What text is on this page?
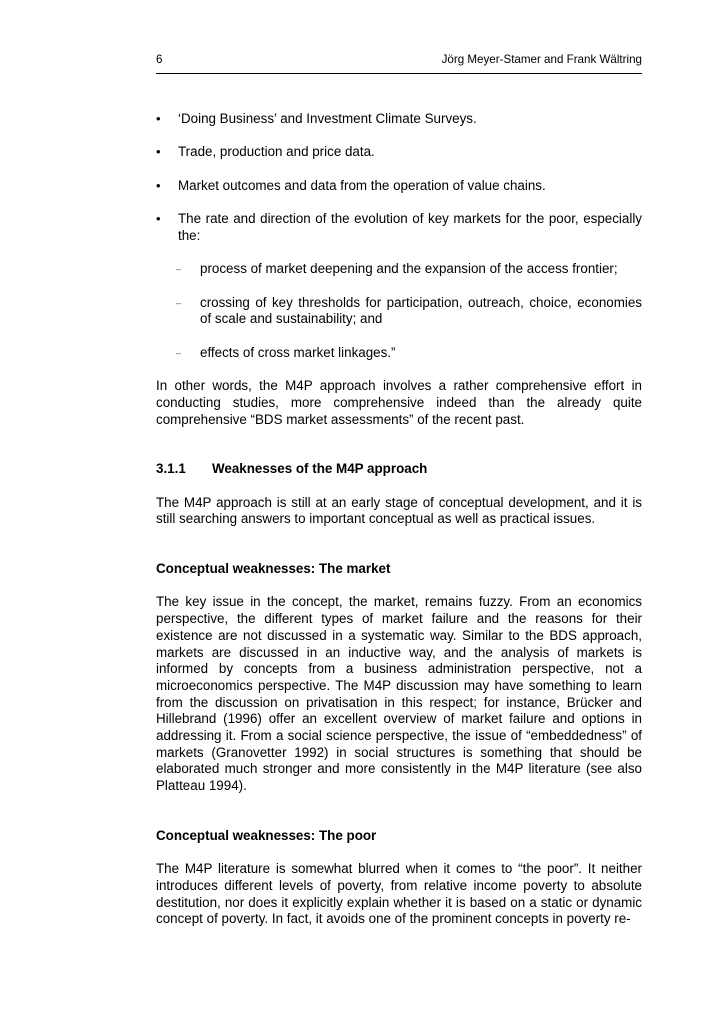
6	Jörg Meyer-Stamer and Frank Wältring
• ‘Doing Business’ and Investment Climate Surveys.
• Trade, production and price data.
• Market outcomes and data from the operation of value chains.
• The rate and direction of the evolution of key markets for the poor, especially the:
– process of market deepening and the expansion of the access frontier;
– crossing of key thresholds for participation, outreach, choice, economies of scale and sustainability; and
– effects of cross market linkages.”

In other words, the M4P approach involves a rather comprehensive effort in conducting studies, more comprehensive indeed than the already quite comprehensive “BDS market assessments” of the recent past.

3.1.1 Weaknesses of the M4P approach

The M4P approach is still at an early stage of conceptual development, and it is still searching answers to important conceptual as well as practical issues.

Conceptual weaknesses: The market

The key issue in the concept, the market, remains fuzzy. From an economics perspective, the different types of market failure and the reasons for their existence are not discussed in a systematic way. Similar to the BDS approach, markets are discussed in an inductive way, and the analysis of markets is informed by concepts from a business administration perspective, not a microeconomics perspective. The M4P discussion may have something to learn from the discussion on privatisation in this respect; for instance, Brücker and Hillebrand (1996) offer an excellent overview of market failure and options in addressing it. From a social science perspective, the issue of “embeddedness” of markets (Granovetter 1992) in social structures is something that should be elaborated much stronger and more consistently in the M4P literature (see also Platteau 1994).

Conceptual weaknesses: The poor

The M4P literature is somewhat blurred when it comes to “the poor”. It neither introduces different levels of poverty, from relative income poverty to absolute destitution, nor does it explicitly explain whether it is based on a static or dynamic concept of poverty. In fact, it avoids one of the prominent concepts in poverty re-
